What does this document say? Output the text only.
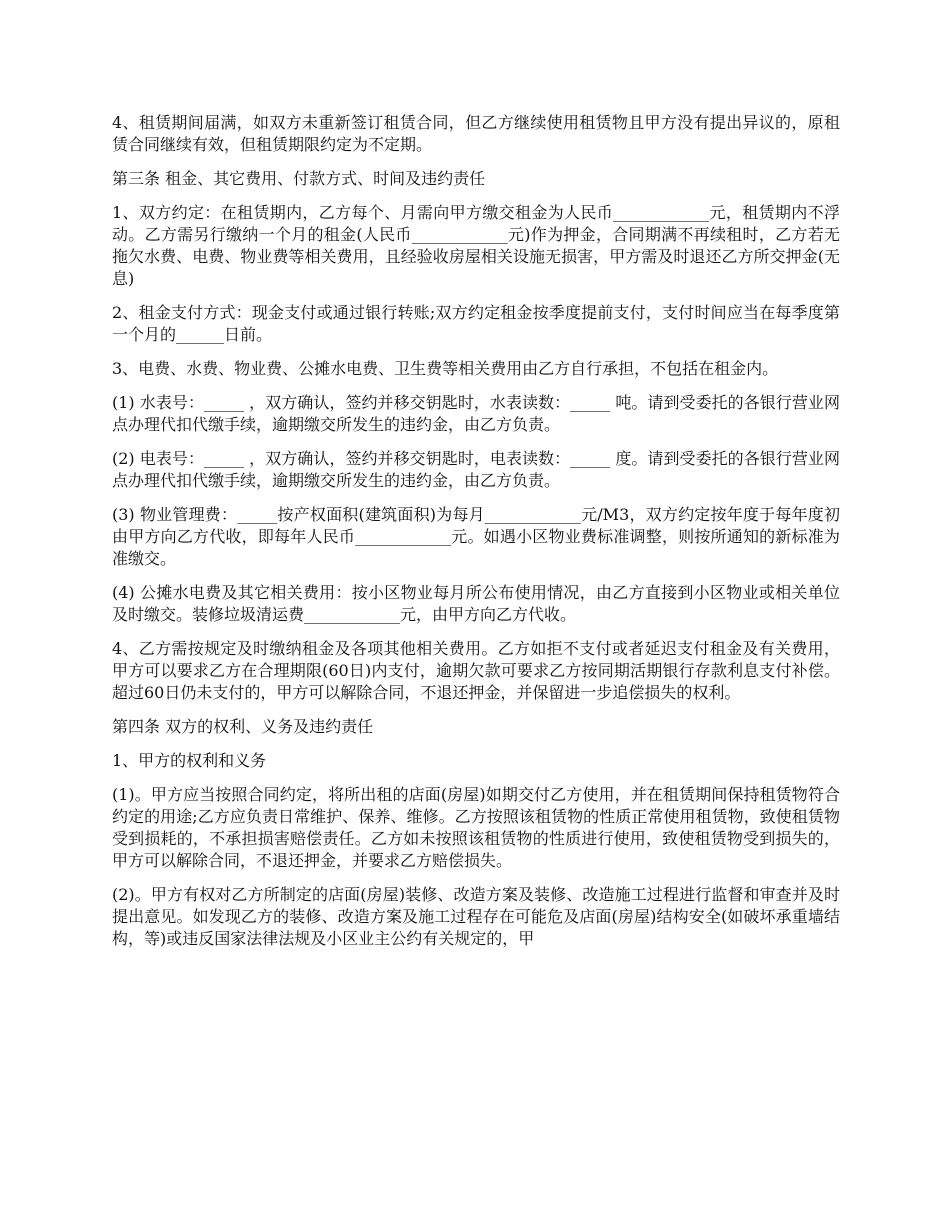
4、租赁期间届满，如双方未重新签订租赁合同，但乙方继续使用租赁物且甲方没有提出异议的，原租赁合同继续有效，但租赁期限约定为不定期。

第三条 租金、其它费用、付款方式、时间及违约责任

1、双方约定：在租赁期内，乙方每个、月需向甲方缴交租金为人民币____________元，租赁期内不浮动。乙方需另行缴纳一个月的租金(人民币____________元)作为押金，合同期满不再续租时，乙方若无拖欠水费、电费、物业费等相关费用，且经验收房屋相关设施无损害，甲方需及时退还乙方所交押金(无息)

2、租金支付方式：现金支付或通过银行转账;双方约定租金按季度提前支付，支付时间应当在每季度第一个月的______日前。

3、电费、水费、物业费、公摊水电费、卫生费等相关费用由乙方自行承担，不包括在租金内。

(1) 水表号：_____ ，双方确认，签约并移交钥匙时，水表读数：_____ 吨。请到受委托的各银行营业网点办理代扣代缴手续，逾期缴交所发生的违约金，由乙方负责。

(2) 电表号：_____ ，双方确认，签约并移交钥匙时，电表读数：_____ 度。请到受委托的各银行营业网点办理代扣代缴手续，逾期缴交所发生的违约金，由乙方负责。

(3) 物业管理费：_____按产权面积(建筑面积)为每月____________元/M3，双方约定按年度于每年度初由甲方向乙方代收，即每年人民币____________元。如遇小区物业费标准调整，则按所通知的新标准为准缴交。

(4) 公摊水电费及其它相关费用：按小区物业每月所公布使用情况，由乙方直接到小区物业或相关单位及时缴交。装修垃圾清运费____________元，由甲方向乙方代收。

4、乙方需按规定及时缴纳租金及各项其他相关费用。乙方如拒不支付或者延迟支付租金及有关费用，甲方可以要求乙方在合理期限(60日)内支付，逾期欠款可要求乙方按同期活期银行存款利息支付补偿。超过60日仍未支付的，甲方可以解除合同，不退还押金，并保留进一步追偿损失的权利。

第四条 双方的权利、义务及违约责任

1、甲方的权利和义务

(1)。甲方应当按照合同约定，将所出租的店面(房屋)如期交付乙方使用，并在租赁期间保持租赁物符合约定的用途;乙方应负责日常维护、保养、维修。乙方按照该租赁物的性质正常使用租赁物，致使租赁物受到损耗的，不承担损害赔偿责任。乙方如未按照该租赁物的性质进行使用，致使租赁物受到损失的，甲方可以解除合同，不退还押金，并要求乙方赔偿损失。

(2)。甲方有权对乙方所制定的店面(房屋)装修、改造方案及装修、改造施工过程进行监督和审查并及时提出意见。如发现乙方的装修、改造方案及施工过程存在可能危及店面(房屋)结构安全(如破坏承重墙结构，等)或违反国家法律法规及小区业主公约有关规定的，甲
